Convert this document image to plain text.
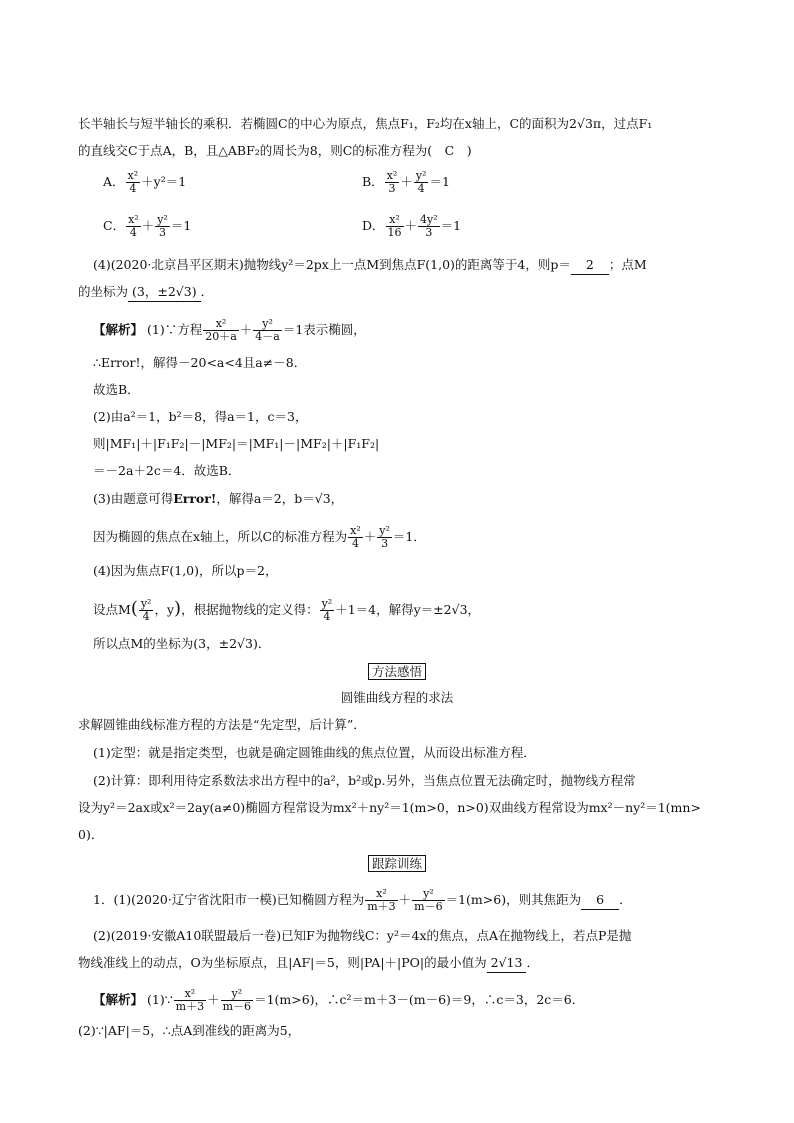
长半轴长与短半轴长的乘积．若椭圆C的中心为原点，焦点F₁，F₂均在x轴上，C的面积为2√3π，过点F₁
的直线交C于点A，B，且△ABF₂的周长为8，则C的标准方程为(　C　)
A． $\frac{\text{x²}}{4} +y^2=1$	B． $\frac{\text{x²}}{3} + \frac{\text{y²}}{4} =1$
C． $\frac{\text{x²}}{4} + \frac{\text{y²}}{3} =1$	D． $\frac{\text{x²}}{16} + \frac{\text{4y²}}{3} =1$
(4)(2020·北京昌平区期末)抛物线y²＝2px上一点M到焦点F(1,0)的距离等于4，则p＝ 2 ；点M
的坐标为 (3，±2√3) ．
【解析】 (1)∵方程 $\frac{\text{x²}}{20+a} + \frac{\text{y²}}{4-a} =1$表示椭圆，
∴Error!，解得－20<a<4且a≠－8．
故选B．
(2)由a²＝1，b²＝8，得a＝1，c＝3，
则|MF₁|＋|F₁F₂|－|MF₂|＝|MF₁|－|MF₂|＋|F₁F₂|
＝－2a＋2c＝4．故选B．
(3)由题意可得Error!，解得a＝2，b＝√3，
因为椭圆的焦点在x轴上，所以C的标准方程为 $\frac{\text{x²}}{4} + \frac{\text{y²}}{3} =1$．
(4)因为焦点F(1,0)，所以p＝2，
设点$M( \frac{\text{y²}}{4}$ ，y)，根据抛物线的定义得： $\frac{\text{y²}}{4} +1=4$，解得y＝±2√3，
所以点M的坐标为(3，±2√3)．
方法感悟
圆锥曲线方程的求法
求解圆锥曲线标准方程的方法是“先定型，后计算”．
(1)定型：就是指定类型，也就是确定圆锥曲线的焦点位置，从而设出标准方程．
(2)计算：即利用待定系数法求出方程中的a²，b²或p.另外，当焦点位置无法确定时，抛物线方程常
设为y²＝2ax或x²＝2ay(a≠0)椭圆方程常设为mx²＋ny²＝1(m>0，n>0)双曲线方程常设为mx²－ny²＝1(mn>
0)．
跟踪训练
1．(1)(2020·辽宁省沈阳市一模)已知椭圆方程为 $\frac{\text{x²}}{m+3} + \frac{\text{y²}}{m-6} =1(m>6)$，则其焦距为 6 ．
(2)(2019·安徽A10联盟最后一卷)已知F为抛物线C：y²＝4x的焦点，点A在抛物线上，若点P是抛
物线准线上的动点，O为坐标原点，且|AF|＝5，则|PA|＋|PO|的最小值为 2√13 ．
【解析】 (1)∵ $\frac{\text{x²}}{m+3} + \frac{\text{y²}}{m-6} =1(m>6)$，∴c²＝m＋3－(m－6)＝9，∴c＝3，2c＝6．
(2)∵|AF|＝5，∴点A到准线的距离为5，
